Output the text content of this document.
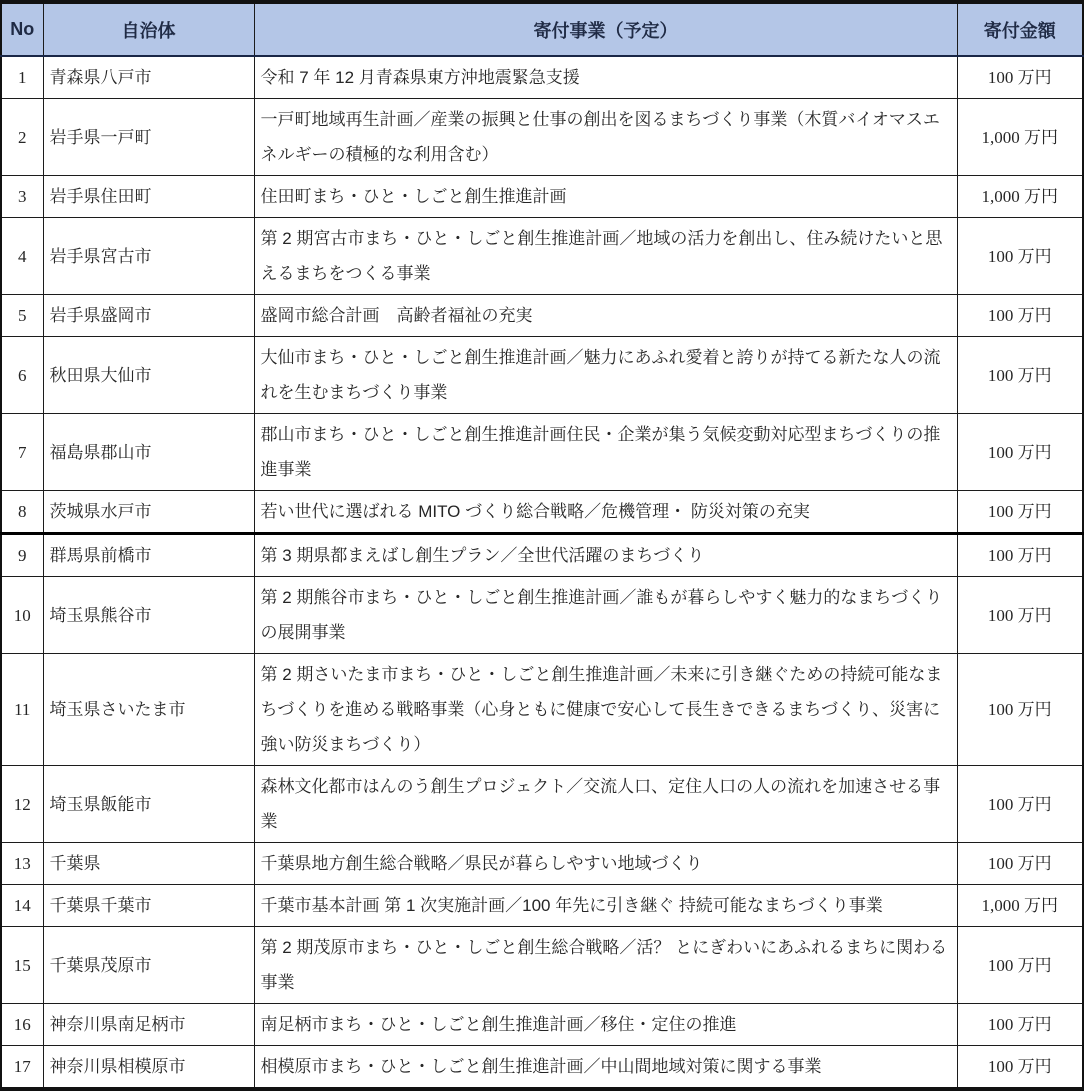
No	自治体	寄付事業（予定）	寄付金額
1	青森県八戸市	令和 7 年 12 月青森県東方沖地震緊急支援	100 万円
2	岩手県一戸町	一戸町地域再生計画／産業の振興と仕事の創出を図るまちづくり事業（木質バイオマスエネルギーの積極的な利用含む）	1,000 万円
3	岩手県住田町	住田町まち・ひと・しごと創生推進計画	1,000 万円
4	岩手県宮古市	第 2 期宮古市まち・ひと・しごと創生推進計画／地域の活力を創出し、住み続けたいと思えるまちをつくる事業	100 万円
5	岩手県盛岡市	盛岡市総合計画　高齢者福祉の充実	100 万円
6	秋田県大仙市	大仙市まち・ひと・しごと創生推進計画／魅力にあふれ愛着と誇りが持てる新たな人の流れを生むまちづくり事業	100 万円
7	福島県郡山市	郡山市まち・ひと・しごと創生推進計画住民・企業が集う気候変動対応型まちづくりの推進事業	100 万円
8	茨城県水戸市	若い世代に選ばれる MITO づくり総合戦略／危機管理・ 防災対策の充実	100 万円
9	群馬県前橋市	第 3 期県都まえばし創生プラン／全世代活躍のまちづくり	100 万円
10	埼玉県熊谷市	第 2 期熊谷市まち・ひと・しごと創生推進計画／誰もが暮らしやすく魅力的なまちづくりの展開事業	100 万円
11	埼玉県さいたま市	第 2 期さいたま市まち・ひと・しごと創生推進計画／未来に引き継ぐための持続可能なまちづくりを進める戦略事業（心身ともに健康で安心して長生きできるまちづくり、災害に強い防災まちづくり）	100 万円
12	埼玉県飯能市	森林文化都市はんのう創生プロジェクト／交流人口、定住人口の人の流れを加速させる事業	100 万円
13	千葉県	千葉県地方創生総合戦略／県民が暮らしやすい地域づくり	100 万円
14	千葉県千葉市	千葉市基本計画 第 1 次実施計画／100 年先に引き継ぐ 持続可能なまちづくり事業	1,000 万円
15	千葉県茂原市	第 2 期茂原市まち・ひと・しごと創生総合戦略／活？ とにぎわいにあふれるまちに関わる事業	100 万円
16	神奈川県南足柄市	南足柄市まち・ひと・しごと創生推進計画／移住・定住の推進	100 万円
17	神奈川県相模原市	相模原市まち・ひと・しごと創生推進計画／中山間地域対策に関する事業	100 万円
